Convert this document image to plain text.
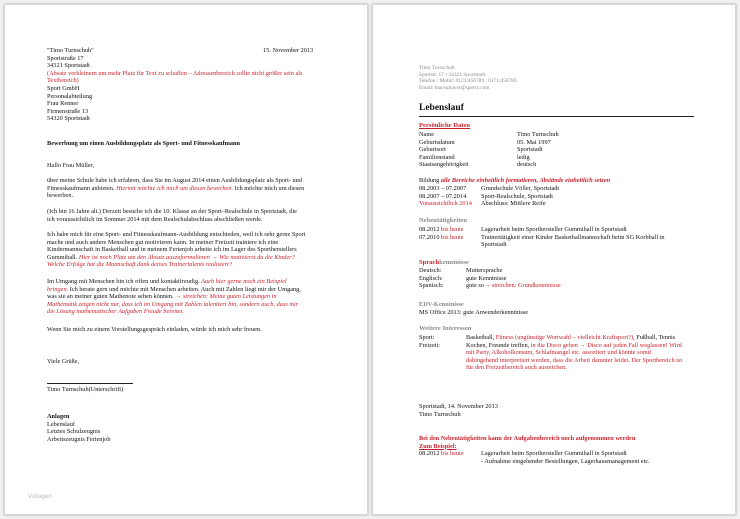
"Timo Turnschuh"
Sportstraße 17
34321 Sportstadt
(Absatz verkleinern um mehr Platz für Text zu schaffen – Adressenbereich sollte nicht größer sein als
Textbereich)
15. November 2013
Sport GmbH
Personalabteilung
Frau Renner
Firmenstraße 13
54320 Sportstadt
Bewerbung um einen Ausbildungsplatz als Sport- und Fitnesskaufmann
Hallo Frau Müller,
über meine Schule habe ich erfahren, dass Sie im August 2014 einen Ausbildungsplatz als Sport- und
Fitnesskaufmann anbieten. Hiermit möchte ich mich um diesen bewerben. Ich möchte mich um diesen
bewerben.
(Ich bin 16 Jahre alt.) Derzeit besuche ich die 10. Klasse an der Sport–Realschule in Sportstadt, die
ich voraussichtlich im Sommer 2014 mit dem Realschulabschluss abschließen werde.
Ich habe mich für eine Sport- und Fitnesskaufmann-Ausbildung entschieden, weil ich sehr gerne Sport
mache und auch andere Menschen gut motivieren kann. In meiner Freizeit trainiere ich eine
Kindermannschaft in Basketball und in meinem Ferienjob arbeite ich im Lager des Sportherstellers
Gummiball. Hier ist noch Platz um den Absatz auszuformulieren → Wie motivierst du die Kinder?
Welche Erfolge hat die Mannschaft dank deines Trainertalents realisiert?
Im Umgang mit Menschen bin ich offen und kontaktfreudig. Auch hier gerne noch ein Beispiel
bringen. Ich berate gern und möchte mit Menschen arbeiten. Auch mit Zahlen liegt mir der Umgang,
was sie an meiner guten Mathenote sehen können. → streichen: Meine guten Leistungen in
Mathematik zeigen nicht nur, dass ich im Umgang mit Zahlen talentiert bin, sondern auch, dass mir
die Lösung mathematischer Aufgaben Freude bereitet.
Wenn Sie mich zu einem Vorstellungsgespräch einladen, würde ich mich sehr freuen.
Viele Grüße,
Timo Turnschuh(Unterschrift)
Anlagen
Lebenslauf
Letztes Schulzeugnis
Arbeitszeugnis Ferienjob
Vorlagen
Timo Turnschuh
Sportstr. 17 • 34321 Sportstadt
Telefon / Mobil: 0123/456789 / 0171/456789
Email: bauvsplayer@sporty.com
Lebenslauf
Persönliche Daten
Name	Timo Turnschuh
Geburtsdatum	05. Mai 1997
Geburtsort	Sportstadt
Familienstand	ledig
Staatsangehörigkeit	deutsch
Bildung alle Bereiche einheitlich formatieren, Abstände einheitlich setzen
08.2003 – 07.2007 Grundschule Völler, Sportstadt
08.2007 – 07.2014 Sport-Realschule, Sportstadt
Voraussichtlich 2014 Abschluss: Mittlere Reife
Nebentätigkeiten
08.2012 bis heute	Lagerarbeit beim Sporthersteller Gummiball in Sportstadt
07.2010 bis heute	Trainertätigkeit einer Kinder Basketballmannschaft beim SG Korbball in
Sportstadt
Sprachkenntnisse
Deutsch:	Muttersprache
Englisch:	gute Kenntnisse
Spanisch:	gute so→ streichen: Grundkenntnisse
EDV-Kenntnisse
MS Office 2013: gute Anwenderkenntnisse
Weitere Interessen
Sport:	Basketball, Fitness (ungünstige Wortwahl – vielleicht Kraftsport?), Fußball, Tennis
Freizeit:	Kochen, Freunde treffen, in die Disco gehen → Disco auf jeden Fall weglassen! Wird
mit Party, Alkoholkonsum, Schlafmangel etc. assoziiert und könnte somit
dahingehend interpretiert werden, dass die Arbeit darunter leidet. Der Sportbereich ist
für den Freizeitbereich auch ausreichen.
Sportstadt, 14. November 2013
Timo Turnschuh
Bei den Nebentätigkeiten kann der Aufgabenbereich noch aufgenommen werden
Zum Beispiel:
08.2012 bis heute	Lagerarbeit beim Sporthersteller Gummiball in Sportstadt
- Aufnahme eingehender Bestellungen, Lagerhausmanagement etc.
